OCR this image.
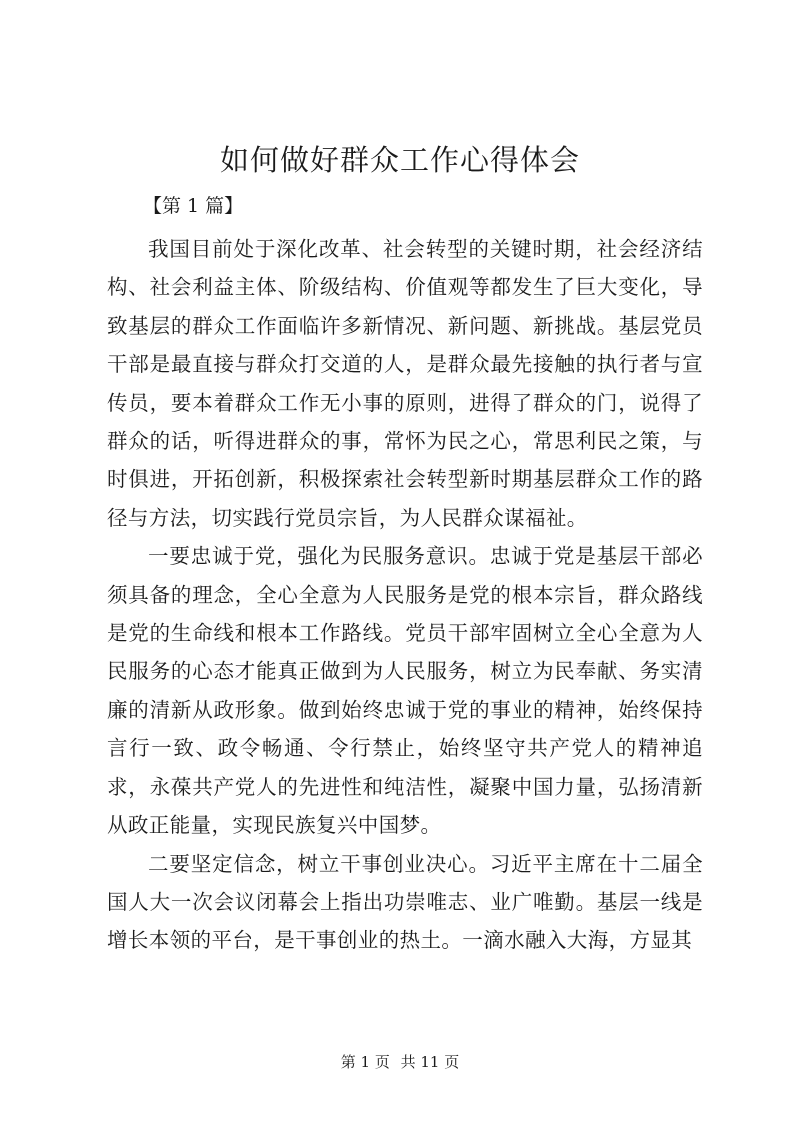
如何做好群众工作心得体会

【第 1 篇】

我国目前处于深化改革、社会转型的关键时期，社会经济结构、社会利益主体、阶级结构、价值观等都发生了巨大变化，导致基层的群众工作面临许多新情况、新问题、新挑战。基层党员干部是最直接与群众打交道的人，是群众最先接触的执行者与宣传员，要本着群众工作无小事的原则，进得了群众的门，说得了群众的话，听得进群众的事，常怀为民之心，常思利民之策，与时俱进，开拓创新，积极探索社会转型新时期基层群众工作的路径与方法，切实践行党员宗旨，为人民群众谋福祉。

一要忠诚于党，强化为民服务意识。忠诚于党是基层干部必须具备的理念，全心全意为人民服务是党的根本宗旨，群众路线是党的生命线和根本工作路线。党员干部牢固树立全心全意为人民服务的心态才能真正做到为人民服务，树立为民奉献、务实清廉的清新从政形象。做到始终忠诚于党的事业的精神，始终保持言行一致、政令畅通、令行禁止，始终坚守共产党人的精神追求，永葆共产党人的先进性和纯洁性，凝聚中国力量，弘扬清新从政正能量，实现民族复兴中国梦。

二要坚定信念，树立干事创业决心。习近平主席在十二届全国人大一次会议闭幕会上指出功崇唯志、业广唯勤。基层一线是增长本领的平台，是干事创业的热土。一滴水融入大海，方显其

第 1 页 共 11 页
